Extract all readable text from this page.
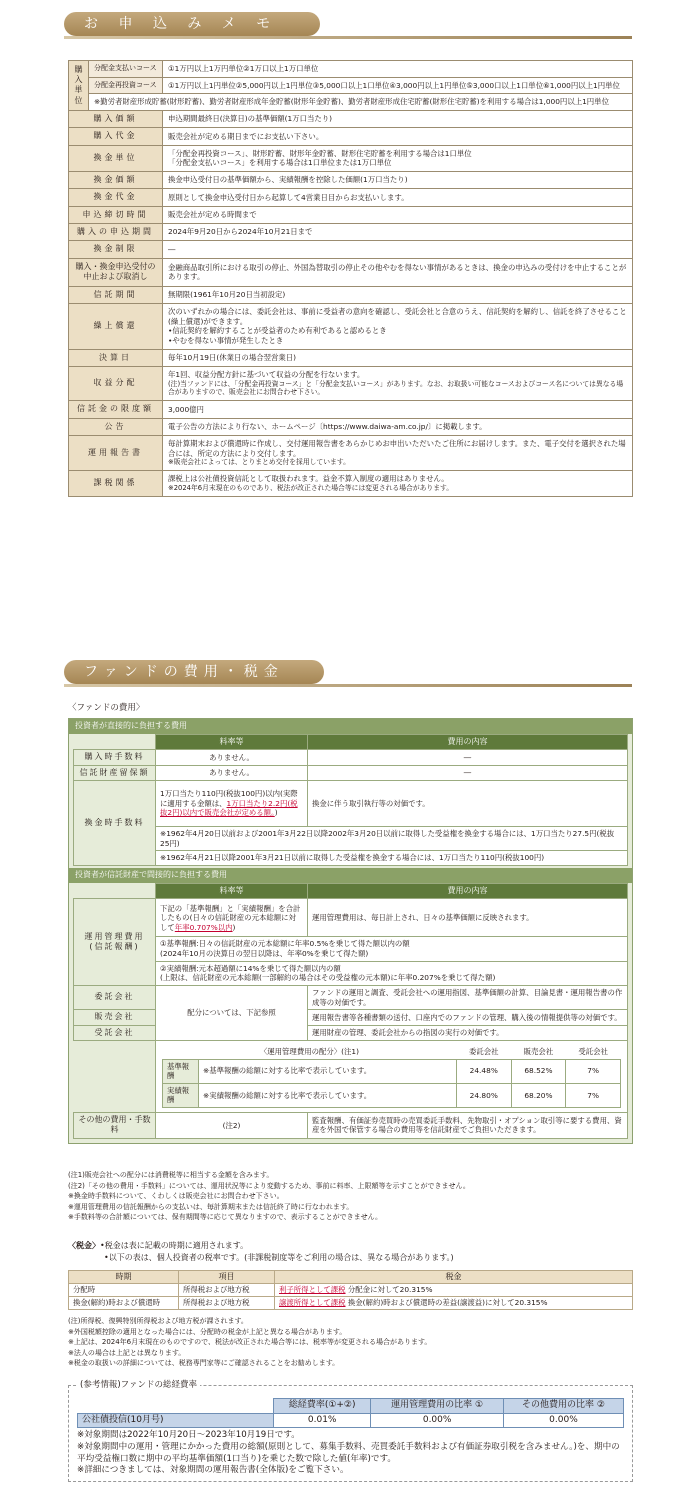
お 申 込 み メ モ
購入単位	分配金支払いコース	①1万円以上1万円単位②1万口以上1万口単位
	分配金再投資コース	①1万円以上1円単位②5,000円以上1円単位③5,000口以上1口単位④3,000円以上1円単位⑤3,000口以上1口単位⑥1,000円以上1円単位
	※勤労者財産形成貯蓄(財形貯蓄)、勤労者財産形成年金貯蓄(財形年金貯蓄)、勤労者財産形成住宅貯蓄(財形住宅貯蓄)を利用する場合は1,000円以上1円単位	
購入価額		申込期間最終日(決算日)の基準価額(1万口当たり)

購入代金		販売会社が定める期日までにお支払い下さい。

換金単位		「分配金再投資コース」、財形貯蓄、財形年金貯蓄、財形住宅貯蓄を利用する場合は1口単位
「分配金支払いコース」を利用する場合は1口単位または1万口単位

換金価額		換金申込受付日の基準価額から、実績報酬を控除した価額(1万口当たり)

換金代金		原則として換金申込受付日から起算して4営業日目からお支払いします。

申込締切時間		販売会社が定める時間まで

購入の申込期間		2024年9月20日から2024年10月21日まで

換金制限		―

購入・換金申込受付の中止および取消し		金融商品取引所における取引の停止、外国為替取引の停止その他やむを得ない事情があるときは、換金の申込みの受付けを中止することがあります。

信託期間		無期限(1961年10月20日当初設定)

繰上償還		次のいずれかの場合には、委託会社は、事前に受益者の意向を確認し、受託会社と合意のうえ、信託契約を解約し、信託を終了させること(繰上償還)ができます。
•信託契約を解約することが受益者のため有利であると認めるとき
•やむを得ない事情が発生したとき

決算日		毎年10月19日(休業日の場合翌営業日)

収益分配		年1回、収益分配方針に基づいて収益の分配を行ないます。
(注)当ファンドには、「分配金再投資コース」と「分配金支払いコース」があります。なお、お取扱い可能なコースおよびコース名については異なる場合がありますので、販売会社にお問合わせ下さい。

信託金の限度額		3,000億円

公告		電子公告の方法により行ない、ホームページ〔https://www.daiwa-am.co.jp/〕に掲載します。

運用報告書		毎計算期末および償還時に作成し、交付運用報告書をあらかじめお申出いただいたご住所にお届けします。また、電子交付を選択された場合には、所定の方法により交付します。
※販売会社によっては、とりまとめ交付を採用しています。

課税関係		課税上は公社債投資信託として取扱われます。益金不算入制度の適用はありません。
※2024年6月末現在のものであり、税法が改正された場合等には変更される場合があります。
ファンドの費用・税金
〈ファンドの費用〉
投資者が直接的に負担する費用
	料率等	費用の内容
購入時手数料	ありません。	―
信託財産留保額	ありません。	―
換金時手数料	1万口当たり110円(税抜100円)以内(実際に適用する金額は、1万口当たり2.2円(税抜2円)以内で販売会社が定める額。)	換金に伴う取引執行等の対価です。
	※1962年4月20日以前および2001年3月22日以降2002年3月20日以前に取得した受益権を換金する場合には、1万口当たり27.5円(税抜25円)	
	※1962年4月21日以降2001年3月21日以前に取得した受益権を換金する場合には、1万口当たり110円(税抜100円)	
投資者が信託財産で間接的に負担する費用
	料率等	費用の内容
運用管理費用
(信託報酬)	下記の「基準報酬」と「実績報酬」を合計したもの(日々の信託財産の元本総額に対して年率0.707%以内)	運用管理費用は、毎日計上され、日々の基準価額に反映されます。
①基準報酬:日々の信託財産の元本総額に年率0.5%を乗じて得た額以内の額
(2024年10月の決算日の翌日以降は、年率0%を乗じて得た額)
②実績報酬:元本超過額に14%を乗じて得た額以内の額
(上限は、信託財産の元本総額(一部解約の場合はその受益権の元本額)に年率0.207%を乗じて得た額)
委託会社	配分については、下記参照	ファンドの運用と調査、受託会社への運用指図、基準価額の計算、目論見書・運用報告書の作成等の対価です。
販売会社	運用報告書等各種書類の送付、口座内でのファンドの管理、購入後の情報提供等の対価です。
受託会社	運用財産の管理、委託会社からの指図の実行の対価です。

〈運用管理費用の配分〉(注1)	委託会社	販売会社	受託会社
基準報酬	※基準報酬の総額に対する比率で表示しています。	24.48%	68.52%	7%
実績報酬	※実績報酬の総額に対する比率で表示しています。	24.80%	68.20%	7%

その他の費用・手数料	(注2)	監査報酬、有価証券売買時の売買委託手数料、先物取引・オプション取引等に要する費用、資産を外国で保管する場合の費用等を信託財産でご負担いただきます。
(注1)販売会社への配分には消費税等に相当する金額を含みます。
(注2)「その他の費用・手数料」については、運用状況等により変動するため、事前に料率、上限額等を示すことができません。
※換金時手数料について、くわしくは販売会社にお問合わせ下さい。
※運用管理費用の信託報酬からの支払いは、毎計算期末または信託終了時に行なわれます。
※手数料等の合計額については、保有期間等に応じて異なりますので、表示することができません。
〈税金〉•税金は表に記載の時期に適用されます。
•以下の表は、個人投資者の税率です。(非課税制度等をご利用の場合は、異なる場合があります。)
時期	項目	税金
分配時	所得税および地方税	利子所得として課税 分配金に対して20.315%
換金(解約)時および償還時	所得税および地方税	譲渡所得として課税 換金(解約)時および償還時の差益(譲渡益)に対して20.315%
(注)所得税、復興特別所得税および地方税が課されます。
※外国税額控除の適用となった場合には、分配時の税金が上記と異なる場合があります。
※上記は、2024年6月末現在のものですので、税法が改正された場合等には、税率等が変更される場合があります。
※法人の場合は上記とは異なります。
※税金の取扱いの詳細については、税務専門家等にご確認されることをお勧めします。
(参考情報)ファンドの総経費率
	総経費率(①+②)	運用管理費用の比率 ①	その他費用の比率 ②
公社債投信(10月号)	0.01%	0.00%	0.00%
※対象期間は2022年10月20日～2023年10月19日です。
※対象期間中の運用・管理にかかった費用の総額(原則として、募集手数料、売買委託手数料および有価証券取引税を含みません。)を、期中の平均受益権口数に期中の平均基準価額(1口当り)を乗じた数で除した値(年率)です。
※詳細につきましては、対象期間の運用報告書(全体版)をご覧下さい。
